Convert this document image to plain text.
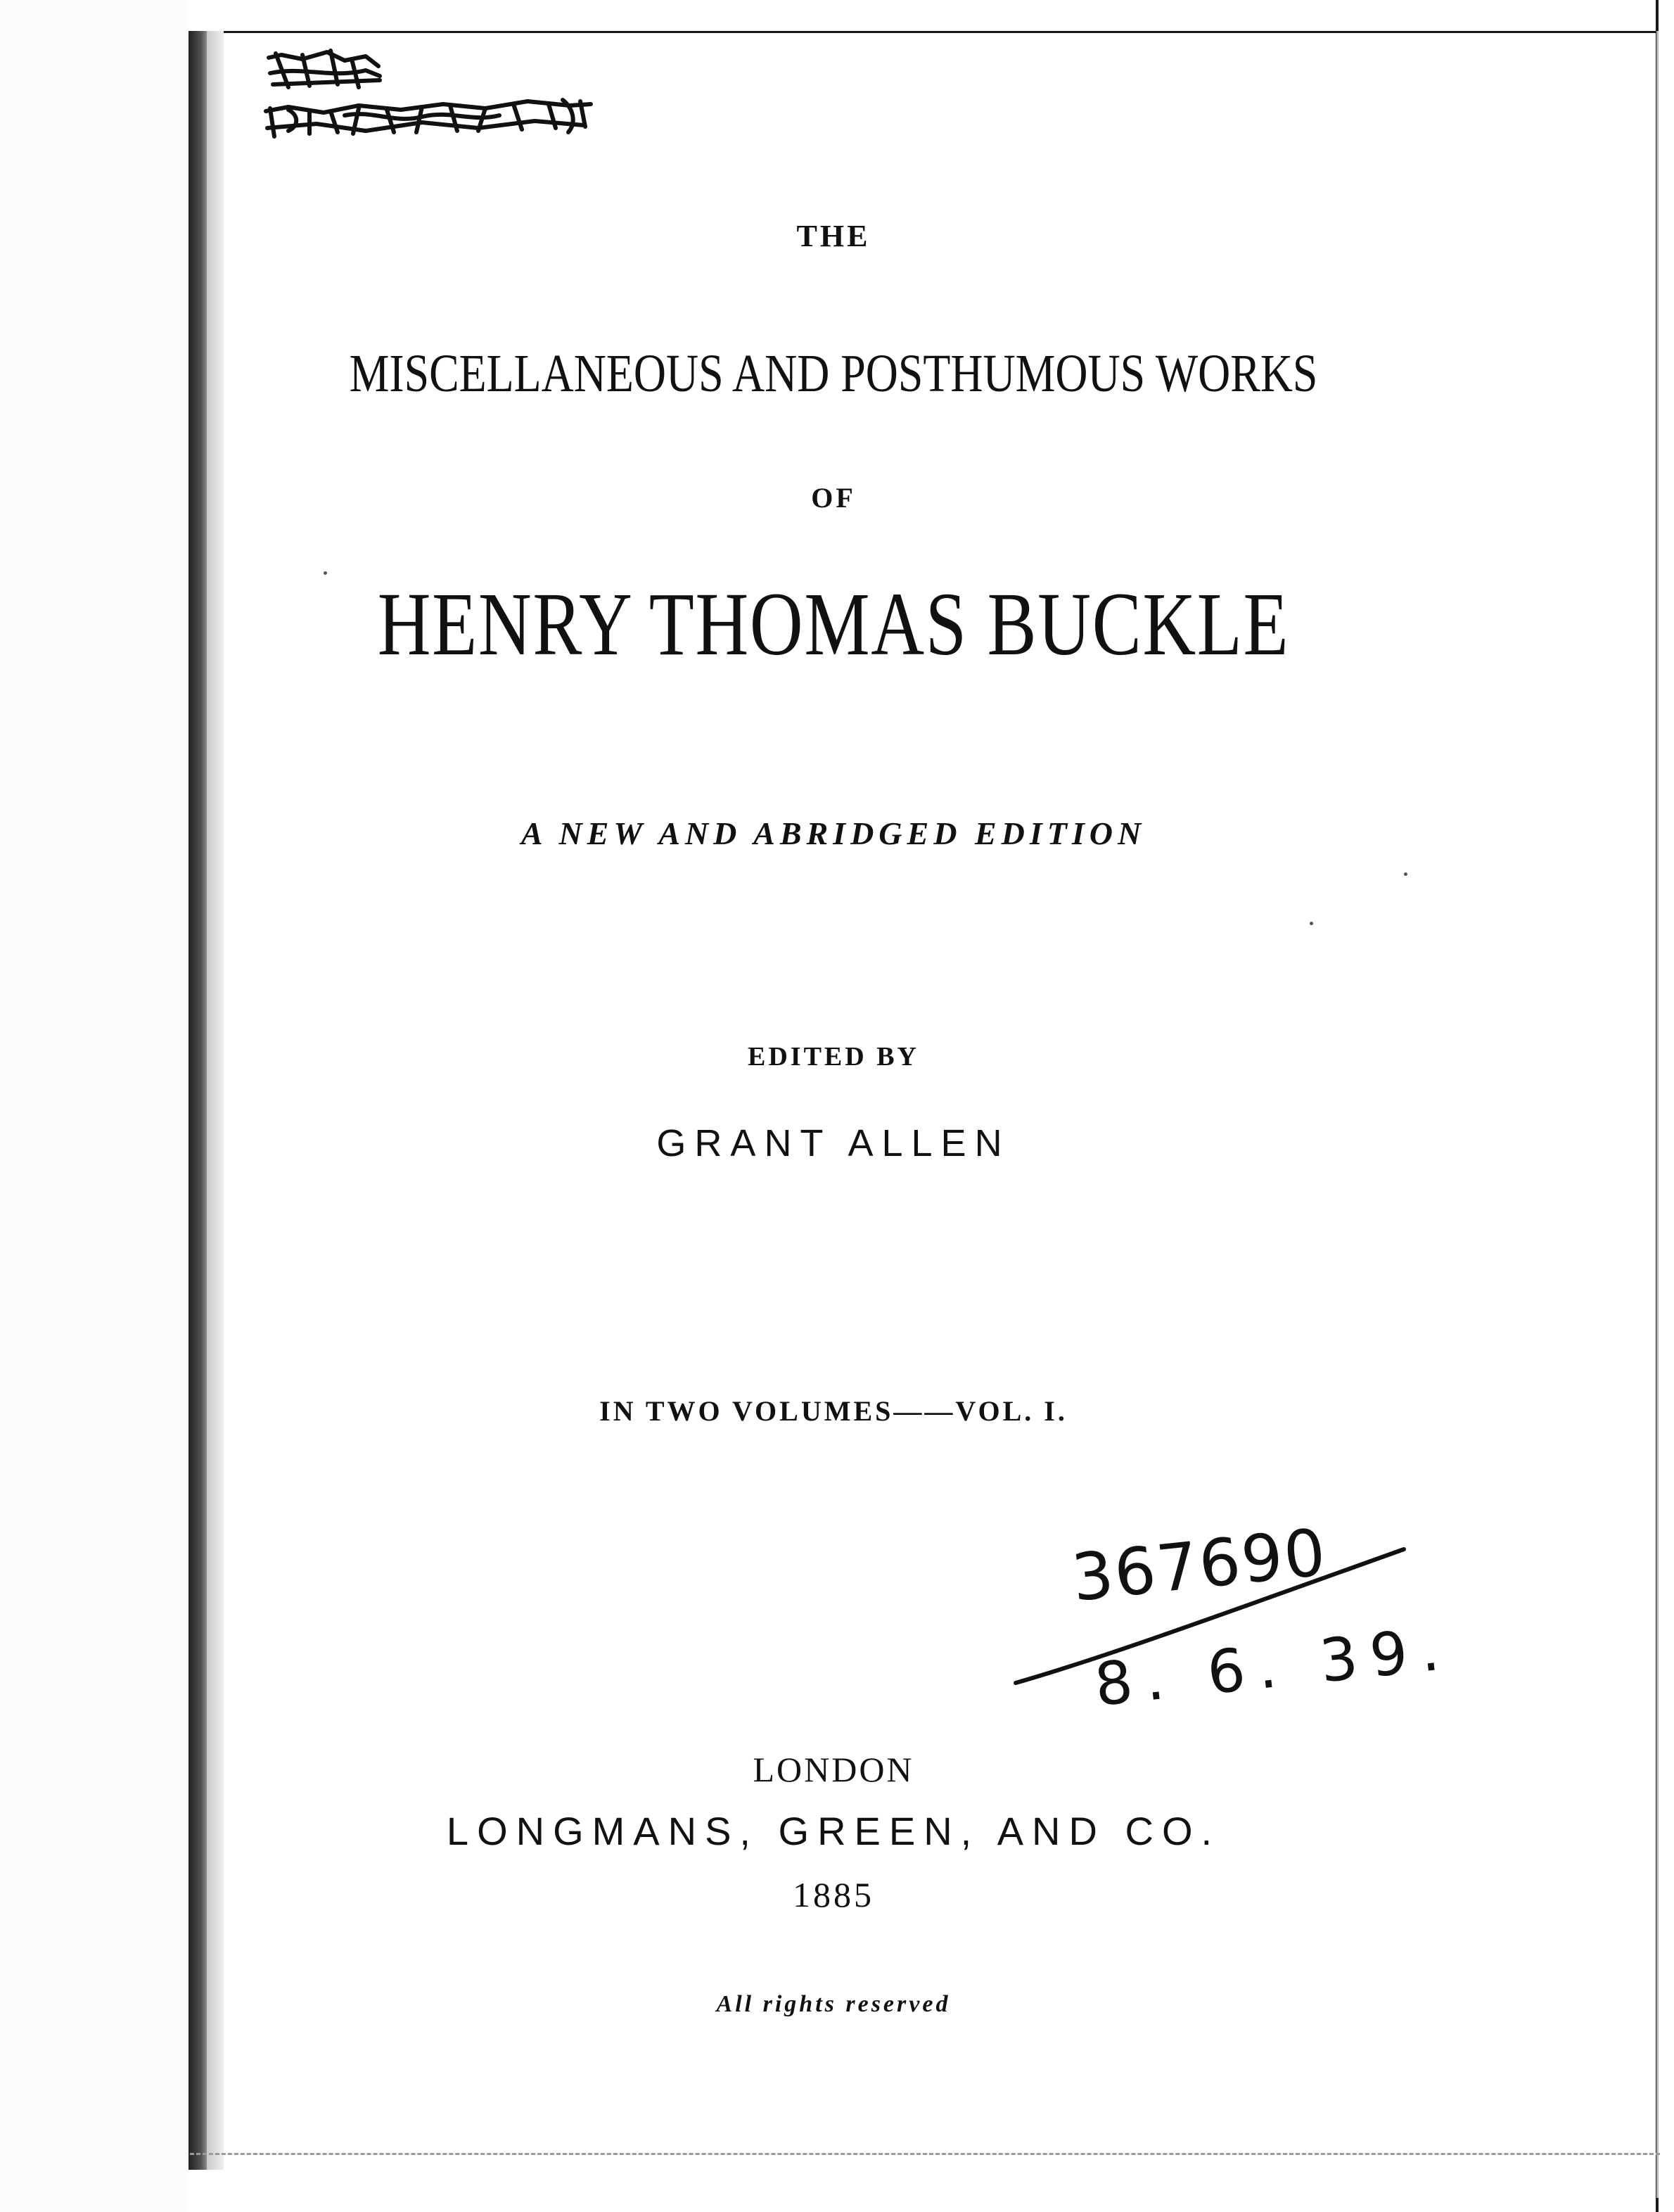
THE
MISCELLANEOUS AND POSTHUMOUS WORKS
OF
HENRY THOMAS BUCKLE
A NEW AND ABRIDGED EDITION
EDITED BY
GRANT ALLEN
IN TWO VOLUMES——VOL. I.
LONDON
LONGMANS, GREEN, AND CO.
1885
All rights reserved
367690
8. 6. 39.
